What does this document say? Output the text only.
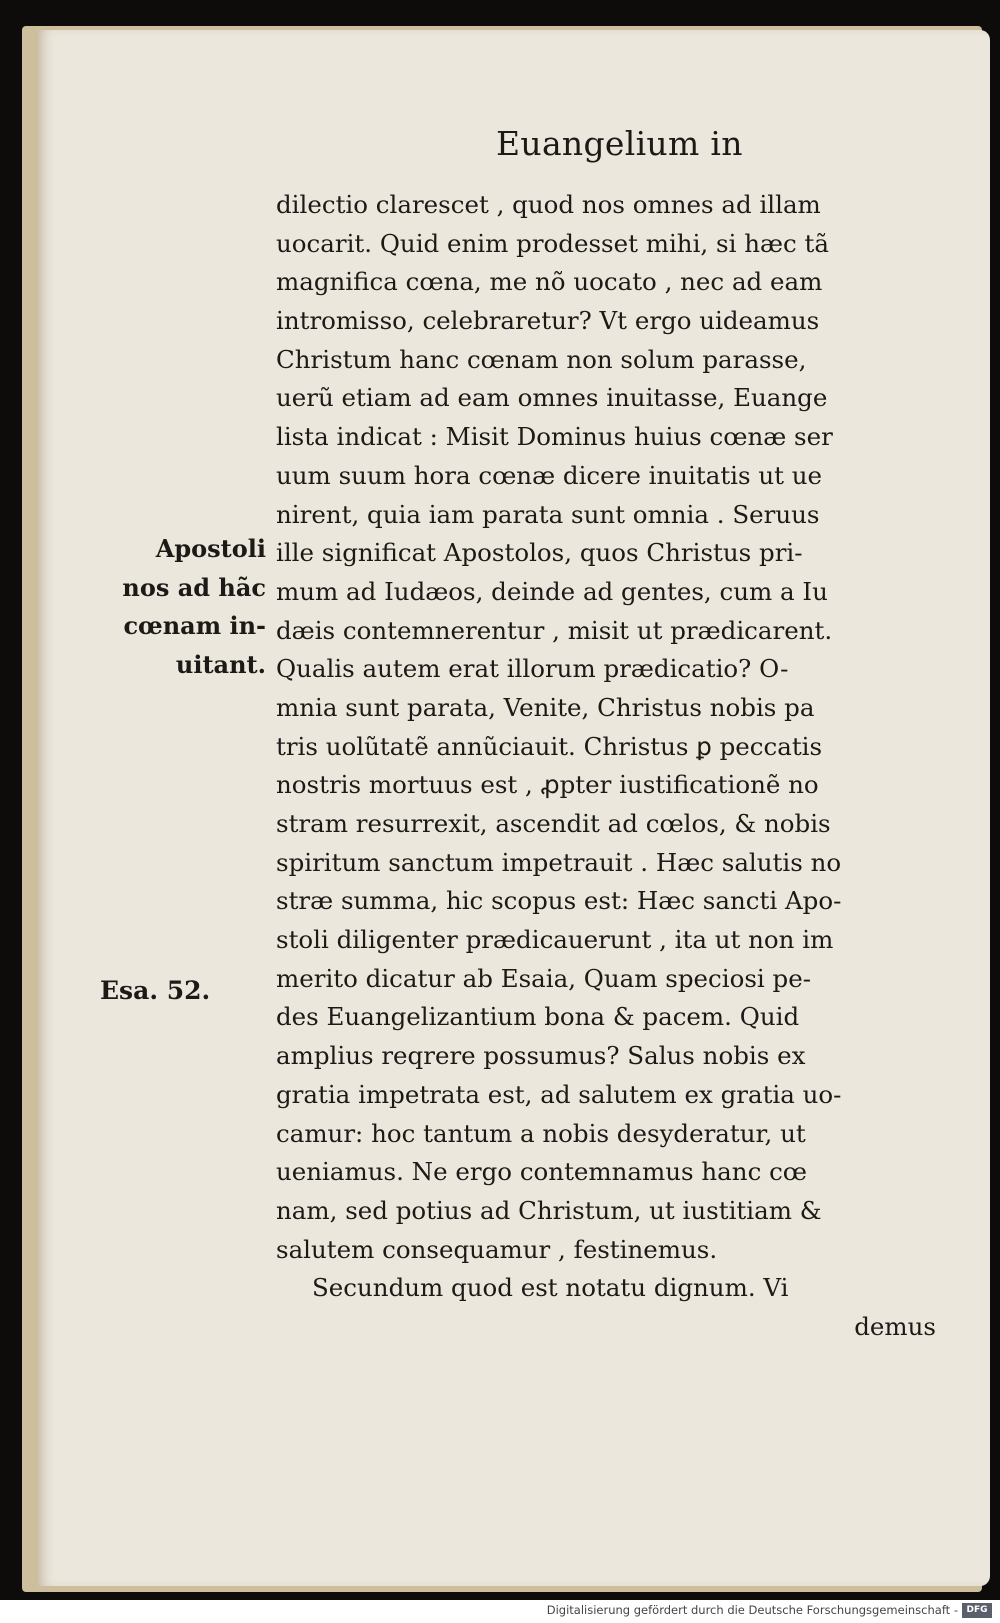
Euangelium in
dilectio clarescet , quod nos omnes ad illam
uocarit. Quid enim prodesset mihi, si hæc tã
magnifica cœna, me nõ uocato , nec ad eam
intromisso, celebraretur? Vt ergo uideamus
Christum hanc cœnam non solum parasse,
uerũ etiam ad eam omnes inuitasse, Euange
lista indicat : Misit Dominus huius cœnæ ser
uum suum hora cœnæ dicere inuitatis ut ue
nirent, quia iam parata sunt omnia . Seruus
ille significat Apostolos, quos Christus pri-
mum ad Iudæos, deinde ad gentes, cum a Iu
dæis contemnerentur , misit ut prædicarent.
Qualis autem erat illorum prædicatio? O-
mnia sunt parata, Venite, Christus nobis pa
tris uolũtatẽ annũciauit. Christus ꝑ peccatis
nostris mortuus est , ꝓpter iustificationẽ no
stram resurrexit, ascendit ad cœlos, & nobis
spiritum sanctum impetrauit . Hæc salutis no
stræ summa, hic scopus est: Hæc sancti Apo-
stoli diligenter prædicauerunt , ita ut non im
merito dicatur ab Esaia, Quam speciosi pe-
des Euangelizantium bona & pacem. Quid
amplius reqrere possumus? Salus nobis ex
gratia impetrata est, ad salutem ex gratia uo-
camur: hoc tantum a nobis desyderatur, ut
ueniamus. Ne ergo contemnamus hanc cœ
nam, sed potius ad Christum, ut iustitiam &
salutem consequamur , festinemus.
Secundum quod est notatu dignum. Vi
demus
Apostoli
nos ad hãc
cœnam in-
uitant.
Esa. 52.
Digitalisierung gefördert durch die Deutsche Forschungsgemeinschaft - DFG
